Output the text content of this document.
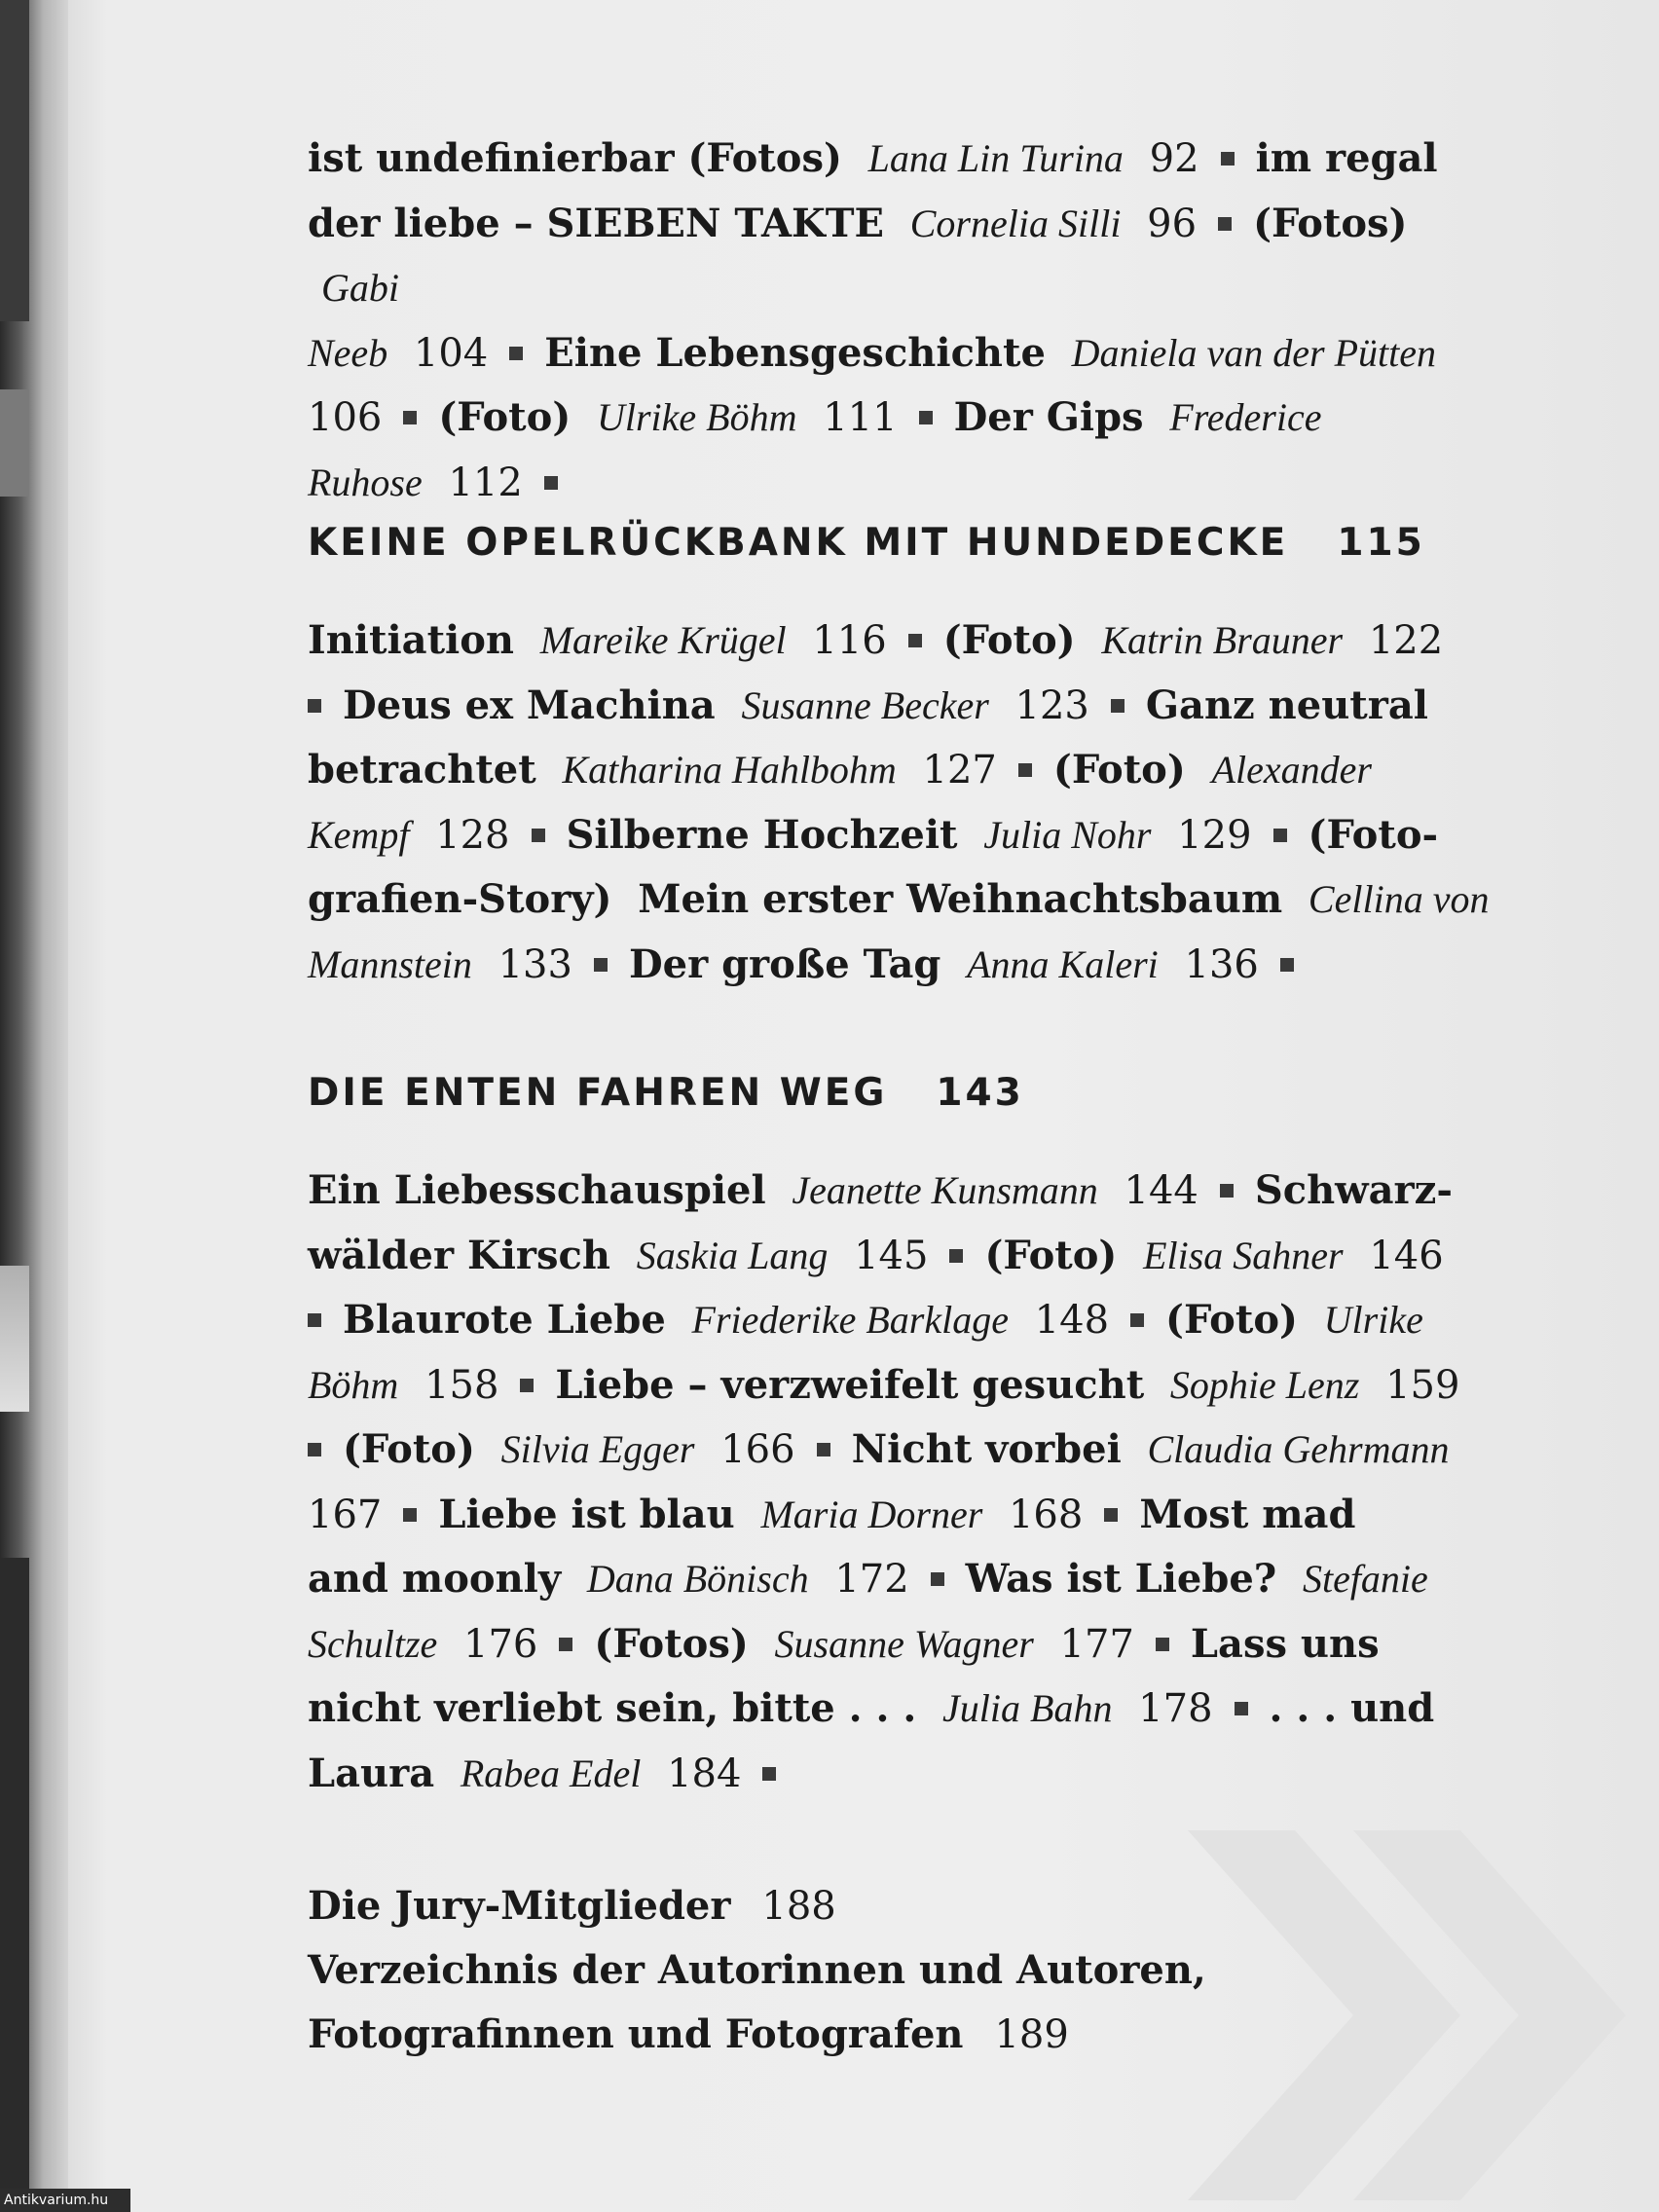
ist undefinierbar (Fotos) Lana Lin Turina 92 im regal
der liebe – SIEBEN TAKTE Cornelia Silli 96 (Fotos) Gabi
Neeb 104 Eine Lebensgeschichte Daniela van der Pütten
106 (Foto) Ulrike Böhm 111 Der Gips Frederice
Ruhose 112
KEINE OPELRÜCKBANK MIT HUNDEDECKE 115
Initiation Mareike Krügel 116 (Foto) Katrin Brauner 122
Deus ex Machina Susanne Becker 123 Ganz neutral
betrachtet Katharina Hahlbohm 127 (Foto) Alexander
Kempf 128 Silberne Hochzeit Julia Nohr 129 (Foto-
grafien-Story) Mein erster Weihnachtsbaum Cellina von
Mannstein 133 Der große Tag Anna Kaleri 136
DIE ENTEN FAHREN WEG 143
Ein Liebesschauspiel Jeanette Kunsmann 144 Schwarz-
wälder Kirsch Saskia Lang 145 (Foto) Elisa Sahner 146
Blaurote Liebe Friederike Barklage 148 (Foto) Ulrike
Böhm 158 Liebe – verzweifelt gesucht Sophie Lenz 159
(Foto) Silvia Egger 166 Nicht vorbei Claudia Gehrmann
167 Liebe ist blau Maria Dorner 168 Most mad
and moonly Dana Bönisch 172 Was ist Liebe? Stefanie
Schultze 176 (Fotos) Susanne Wagner 177 Lass uns
nicht verliebt sein, bitte . . . Julia Bahn 178 . . . und
Laura Rabea Edel 184
Die Jury-Mitglieder 188
Verzeichnis der Autorinnen und Autoren,
Fotografinnen und Fotografen 189
Antikvarium.hu
